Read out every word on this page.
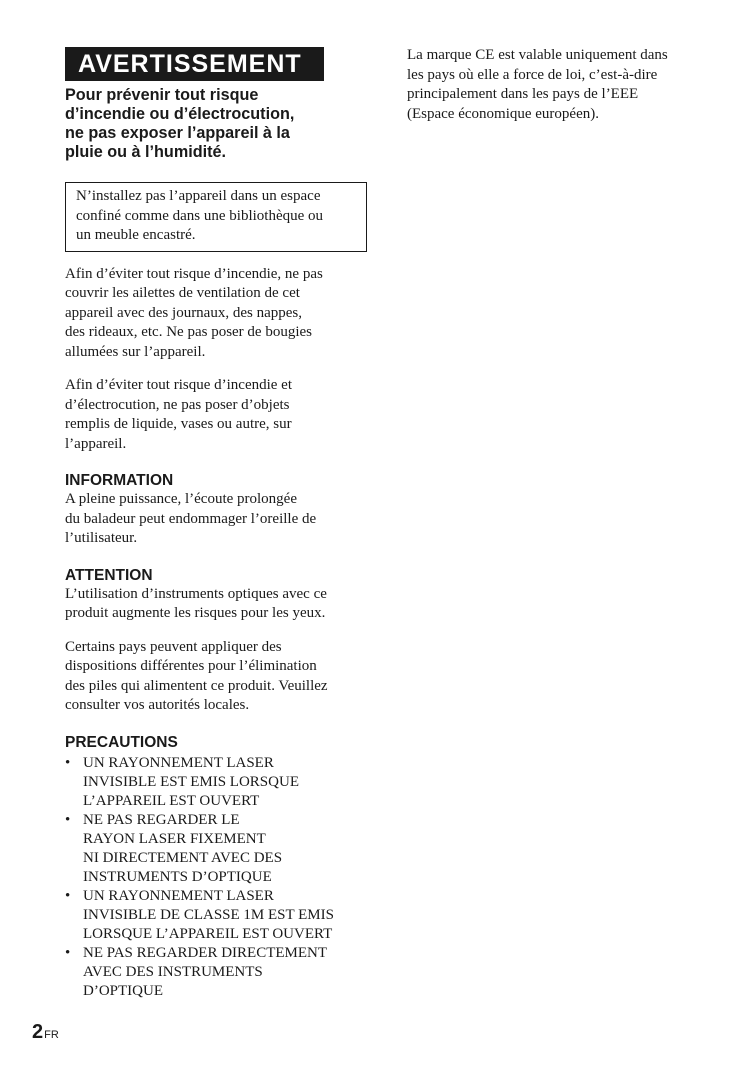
AVERTISSEMENT
Pour prévenir tout risque
d’incendie ou d’électrocution,
ne pas exposer l’appareil à la
pluie ou à l’humidité.
N’installez pas l’appareil dans un espace
confiné comme dans une bibliothèque ou
un meuble encastré.

Afin d’éviter tout risque d’incendie, ne pas
couvrir les ailettes de ventilation de cet
appareil avec des journaux, des nappes,
des rideaux, etc. Ne pas poser de bougies
allumées sur l’appareil.

Afin d’éviter tout risque d’incendie et
d’électrocution, ne pas poser d’objets
remplis de liquide, vases ou autre, sur
l’appareil.

INFORMATION

A pleine puissance, l’écoute prolongée
du baladeur peut endommager l’oreille de
l’utilisateur.

ATTENTION

L’utilisation d’instruments optiques avec ce
produit augmente les risques pour les yeux.

Certains pays peuvent appliquer des
dispositions différentes pour l’élimination
des piles qui alimentent ce produit. Veuillez
consulter vos autorités locales.

PRECAUTIONS
• UN RAYONNEMENT LASER
INVISIBLE EST EMIS LORSQUE
L’APPAREIL EST OUVERT
• NE PAS REGARDER LE
RAYON LASER FIXEMENT
NI DIRECTEMENT AVEC DES
INSTRUMENTS D’OPTIQUE
• UN RAYONNEMENT LASER
INVISIBLE DE CLASSE 1M EST EMIS
LORSQUE L’APPAREIL EST OUVERT
• NE PAS REGARDER DIRECTEMENT
AVEC DES INSTRUMENTS
D’OPTIQUE

La marque CE est valable uniquement dans
les pays où elle a force de loi, c’est-à-dire
principalement dans les pays de l’EEE
(Espace économique européen).

2FR
